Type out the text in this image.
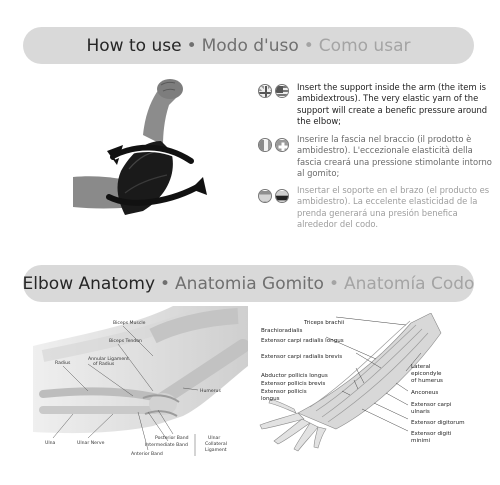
How to use • Modo d'uso • Como usar
Insert the support inside the arm (the item is ambidextrous). The very elastic yarn of the support will create a benefic pressure around the elbow;
Inserire la fascia nel braccio (il prodotto è ambidestro). L'eccezionale elasticità della fascia creará una pressione stimolante intorno al gomito;
Insertar el soporte en el brazo (el producto es ambidestro). La eccelente elasticidad de la prenda generará una presión benefica alrededor del codo.
Elbow Anatomy • Anatomia Gomito • Anatomía Codo
Biceps Muscle
Biceps Tendon
Radius
Annular Ligament
of Radius
Humerus
Ulna	Ulnar Nerve
Posterior Band
Intermediate Band
Anterior Band
Ulnar
Collateral
Ligament
Triceps brachii
Brachioradialis
Extensor carpi radialis longus
Extensor carpi radialis brevis
Abductor pollicis longus
Extensor pollicis brevis
Extensor pollicis
longus
Lateral
epicondyle
of humerus
Anconeus
Extensor carpi
ulnaris
Extensor digitorum
Extensor digiti
minimi
